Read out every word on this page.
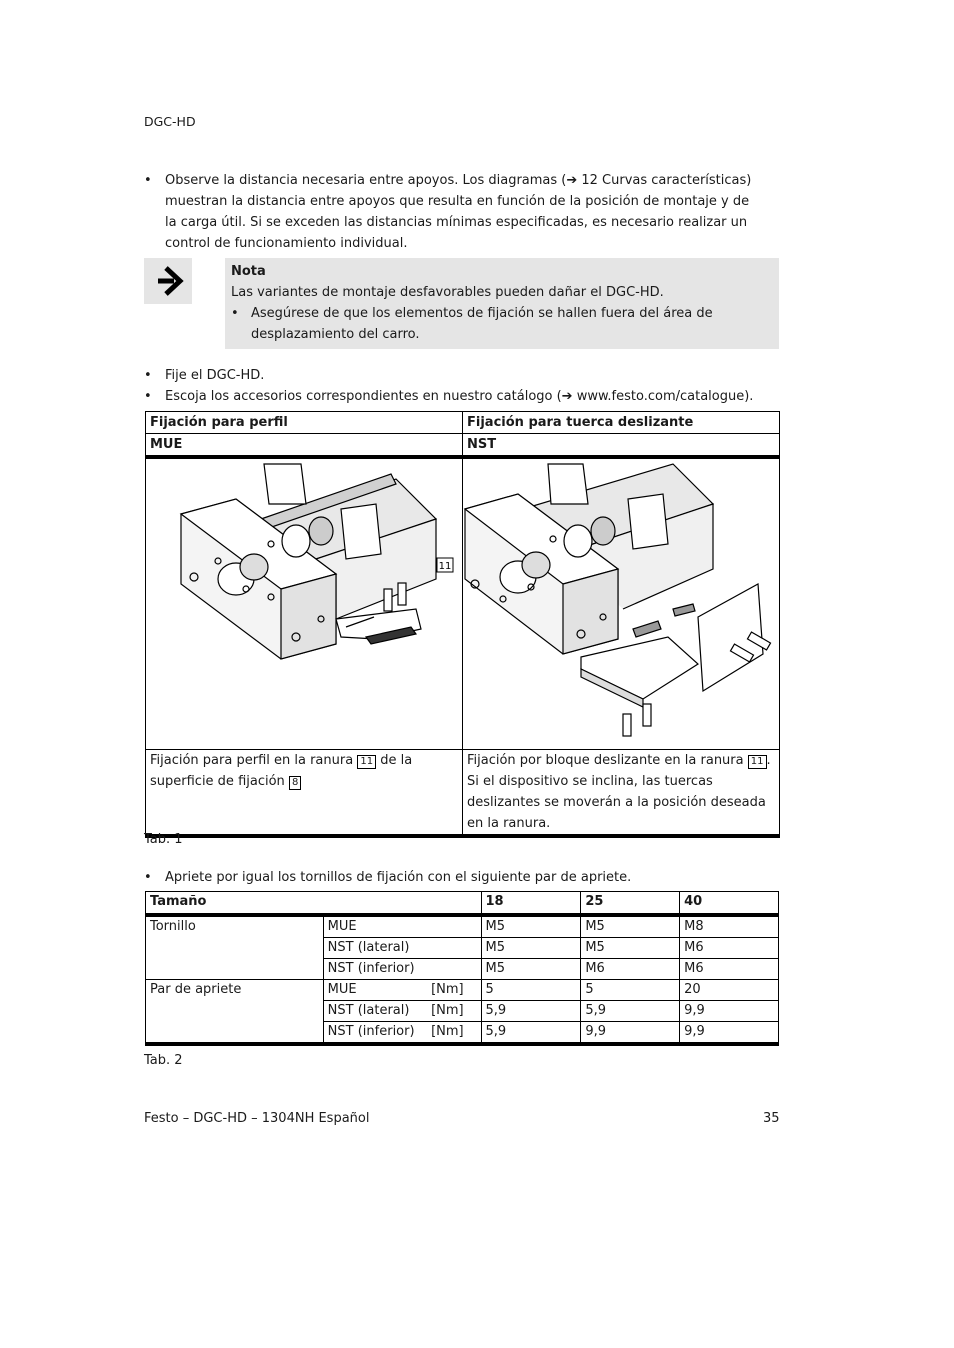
DGC-HD
• Observe la distancia necesaria entre apoyos. Los diagramas (➔ 12 Curvas características) muestran la distancia entre apoyos que resulta en función de la posición de montaje y de la carga útil. Si se exceden las distancias mínimas especificadas, es necesario realizar un control de funcionamiento individual.
Nota
Las variantes de montaje desfavorables pueden dañar el DGC-HD.
• Asegúrese de que los elementos de fijación se hallen fuera del área de desplazamiento del carro.
• Fije el DGC-HD.
• Escoja los accesorios correspondientes en nuestro catálogo (➔ www.festo.com/catalogue).
Fijación para perfil	Fijación para tuerca deslizante
MUE	NST

11

Fijación para perfil en la ranura 11 de la superficie de fijación 8	Fijación por bloque deslizante en la ranura 11 . Si el dispositivo se inclina, las tuercas deslizantes se moverán a la posición deseada en la ranura.
Tab. 1
• Apriete por igual los tornillos de fijación con el siguiente par de apriete.
Tamaño			18	25	40
Tornillo	MUE		M5	M5	M8
	NST (lateral)		M5	M5	M6
	NST (inferior)		M5	M6	M6
Par de apriete	MUE	[Nm]	5	5	20
	NST (lateral)	[Nm]	5,9	5,9	9,9
	NST (inferior)	[Nm]	5,9	9,9	9,9
Tab. 2
Festo – DGC-HD – 1304NH Español	35
